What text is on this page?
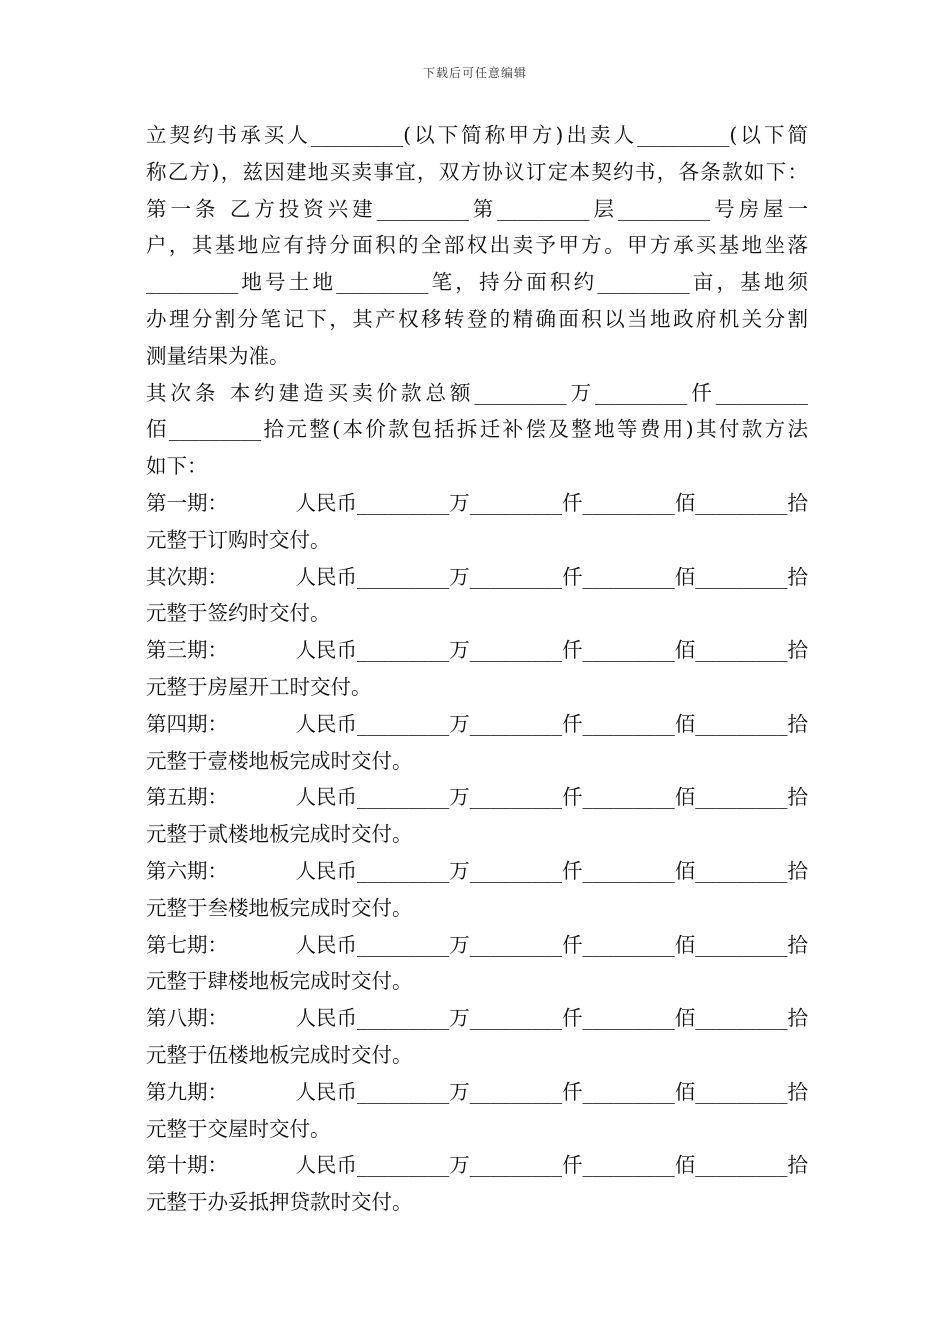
下载后可任意编辑
立契约书承买人_________(以下简称甲方)出卖人_________(以下简
称乙方)，兹因建地买卖事宜，双方协议订定本契约书，各条款如下：
第一条 乙方投资兴建_________第_________层_________号房屋一
户，其基地应有持分面积的全部权出卖予甲方。甲方承买基地坐落
_________地号土地_________笔，持分面积约_________亩，基地须
办理分割分笔记下，其产权移转登的精确面积以当地政府机关分割
测量结果为准。
其次条 本约建造买卖价款总额_________万_________仟_________
佰_________拾元整(本价款包括拆迁补偿及整地等费用)其付款方法
如下：
第一期：	人民币_________万_________仟_________佰_________拾
元整于订购时交付。
其次期：	人民币_________万_________仟_________佰_________拾
元整于签约时交付。
第三期：	人民币_________万_________仟_________佰_________拾
元整于房屋开工时交付。
第四期：	人民币_________万_________仟_________佰_________拾
元整于壹楼地板完成时交付。
第五期：	人民币_________万_________仟_________佰_________拾
元整于贰楼地板完成时交付。
第六期：	人民币_________万_________仟_________佰_________拾
元整于叁楼地板完成时交付。
第七期：	人民币_________万_________仟_________佰_________拾
元整于肆楼地板完成时交付。
第八期：	人民币_________万_________仟_________佰_________拾
元整于伍楼地板完成时交付。
第九期：	人民币_________万_________仟_________佰_________拾
元整于交屋时交付。
第十期：	人民币_________万_________仟_________佰_________拾
元整于办妥抵押贷款时交付。
